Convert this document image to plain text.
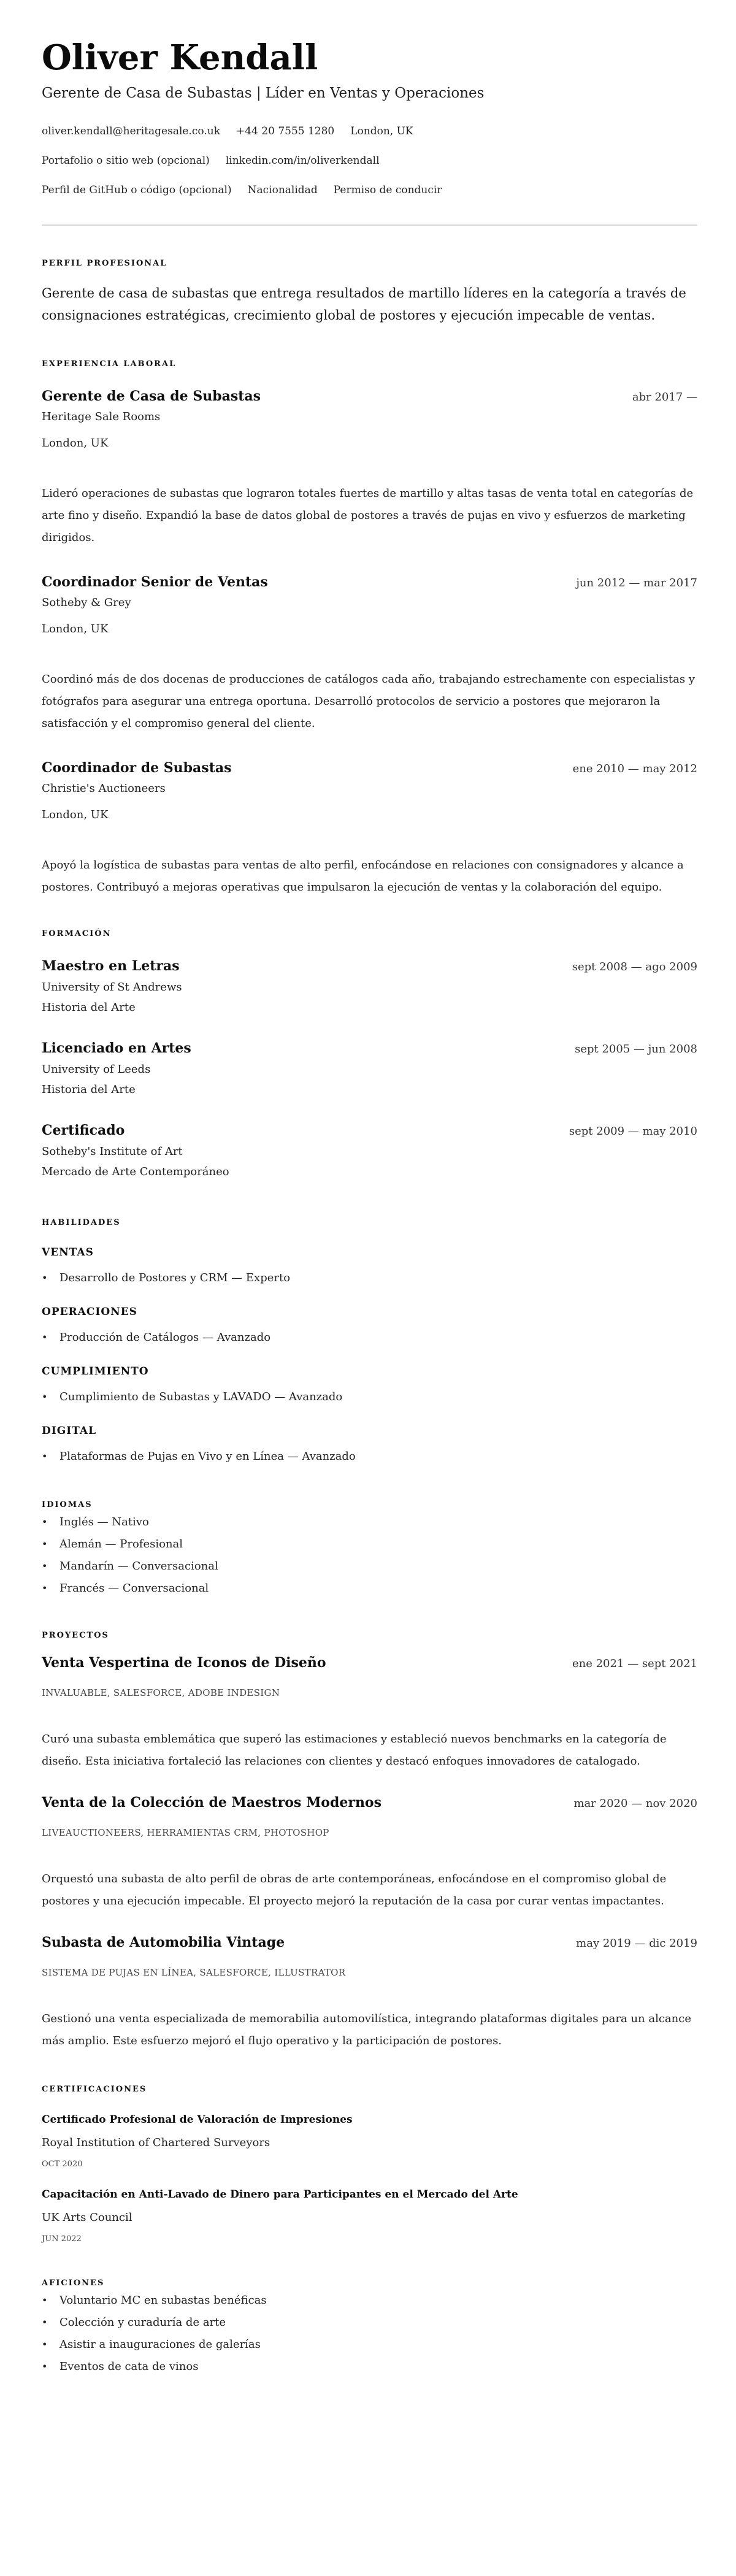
Oliver Kendall
Gerente de Casa de Subastas | Líder en Ventas y Operaciones
oliver.kendall@heritagesale.co.uk +44 20 7555 1280 London, UK
Portafolio o sitio web (opcional) linkedin.com/in/oliverkendall
Perfil de GitHub o código (opcional) Nacionalidad Permiso de conducir
PERFIL PROFESIONAL

Gerente de casa de subastas que entrega resultados de martillo líderes en la categoría a través de consignaciones estratégicas, crecimiento global de postores y ejecución impecable de ventas.

EXPERIENCIA LABORAL
Gerente de Casa de Subastas	abr 2017 —
Heritage Sale Rooms
London, UK
Lideró operaciones de subastas que lograron totales fuertes de martillo y altas tasas de venta total en categorías de arte fino y diseño. Expandió la base de datos global de postores a través de pujas en vivo y esfuerzos de marketing dirigidos.
Coordinador Senior de Ventas	jun 2012 — mar 2017
Sotheby & Grey
London, UK
Coordinó más de dos docenas de producciones de catálogos cada año, trabajando estrechamente con especialistas y fotógrafos para asegurar una entrega oportuna. Desarrolló protocolos de servicio a postores que mejoraron la satisfacción y el compromiso general del cliente.
Coordinador de Subastas	ene 2010 — may 2012
Christie's Auctioneers
London, UK
Apoyó la logística de subastas para ventas de alto perfil, enfocándose en relaciones con consignadores y alcance a postores. Contribuyó a mejoras operativas que impulsaron la ejecución de ventas y la colaboración del equipo.
FORMACIÓN
Maestro en Letras	sept 2008 — ago 2009
University of St Andrews
Historia del Arte
Licenciado en Artes	sept 2005 — jun 2008
University of Leeds
Historia del Arte
Certificado	sept 2009 — may 2010
Sotheby's Institute of Art
Mercado de Arte Contemporáneo
HABILIDADES
VENTAS
• Desarrollo de Postores y CRM — Experto
OPERACIONES
• Producción de Catálogos — Avanzado
CUMPLIMIENTO
• Cumplimiento de Subastas y LAVADO — Avanzado
DIGITAL
• Plataformas de Pujas en Vivo y en Línea — Avanzado
IDIOMAS
• Inglés — Nativo
• Alemán — Profesional
• Mandarín — Conversacional
• Francés — Conversacional
PROYECTOS
Venta Vespertina de Iconos de Diseño	ene 2021 — sept 2021
INVALUABLE, SALESFORCE, ADOBE INDESIGN
Curó una subasta emblemática que superó las estimaciones y estableció nuevos benchmarks en la categoría de diseño. Esta iniciativa fortaleció las relaciones con clientes y destacó enfoques innovadores de catalogado.
Venta de la Colección de Maestros Modernos	mar 2020 — nov 2020
LIVEAUCTIONEERS, HERRAMIENTAS CRM, PHOTOSHOP
Orquestó una subasta de alto perfil de obras de arte contemporáneas, enfocándose en el compromiso global de postores y una ejecución impecable. El proyecto mejoró la reputación de la casa por curar ventas impactantes.
Subasta de Automobilia Vintage	may 2019 — dic 2019
SISTEMA DE PUJAS EN LÍNEA, SALESFORCE, ILLUSTRATOR
Gestionó una venta especializada de memorabilia automovilística, integrando plataformas digitales para un alcance más amplio. Este esfuerzo mejoró el flujo operativo y la participación de postores.
CERTIFICACIONES
Certificado Profesional de Valoración de Impresiones
Royal Institution of Chartered Surveyors
OCT 2020
Capacitación en Anti-Lavado de Dinero para Participantes en el Mercado del Arte
UK Arts Council
JUN 2022
AFICIONES
• Voluntario MC en subastas benéficas
• Colección y curaduría de arte
• Asistir a inauguraciones de galerías
• Eventos de cata de vinos
